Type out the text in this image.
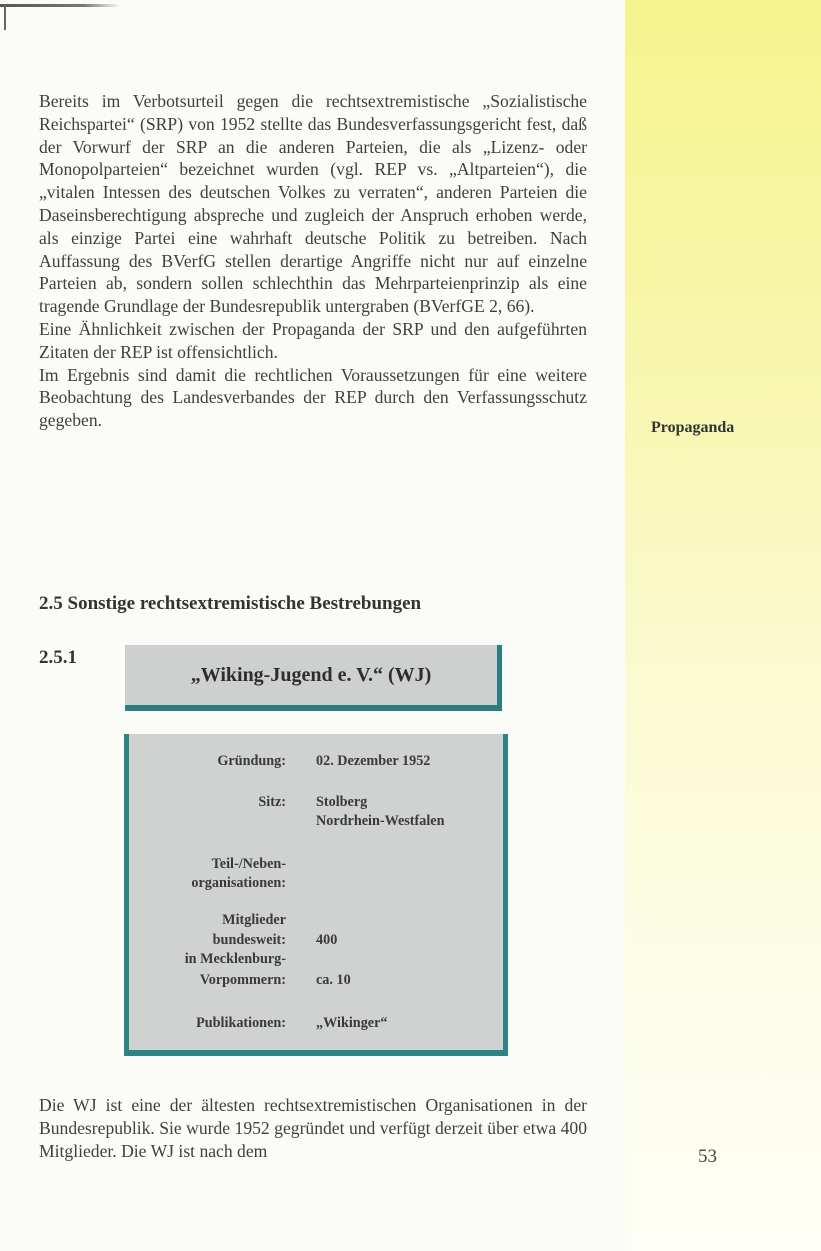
Bereits im Verbotsurteil gegen die rechtsextremistische „Sozialistische Reichspartei“ (SRP) von 1952 stellte das Bundesverfassungsgericht fest, daß der Vorwurf der SRP an die anderen Parteien, die als „Lizenz- oder Monopolparteien“ bezeichnet wurden (vgl. REP vs. „Altparteien“), die „vitalen Intessen des deutschen Volkes zu verraten“, anderen Parteien die Daseinsberechtigung abspreche und zugleich der Anspruch erhoben werde, als einzige Partei eine wahrhaft deutsche Politik zu betreiben. Nach Auffassung des BVerfG stellen derartige Angriffe nicht nur auf einzelne Parteien ab, sondern sollen schlechthin das Mehrparteienprinzip als eine tragende Grundlage der Bundesrepublik untergraben (BVerfGE 2, 66).

Eine Ähnlichkeit zwischen der Propaganda der SRP und den aufgeführten Zitaten der REP ist offensichtlich.

Im Ergebnis sind damit die rechtlichen Voraussetzungen für eine weitere Beobachtung des Landesverbandes der REP durch den Verfassungsschutz gegeben.	Propaganda
2.5 Sonstige rechtsextremistische Bestrebungen
2.5.1
„Wiking-Jugend e. V.“ (WJ)
Gründung: 02. Dezember 1952
Sitz: Stolberg
Nordrhein-Westfalen
Teil-/Neben-
organisationen:
Mitglieder
bundesweit: 400
in Mecklenburg-
Vorpommern: ca. 10
Publikationen: „Wikinger“

Die WJ ist eine der ältesten rechtsextremistischen Organisationen in der Bundesrepublik. Sie wurde 1952 gegründet und verfügt derzeit über etwa 400 Mitglieder. Die WJ ist nach dem	53
